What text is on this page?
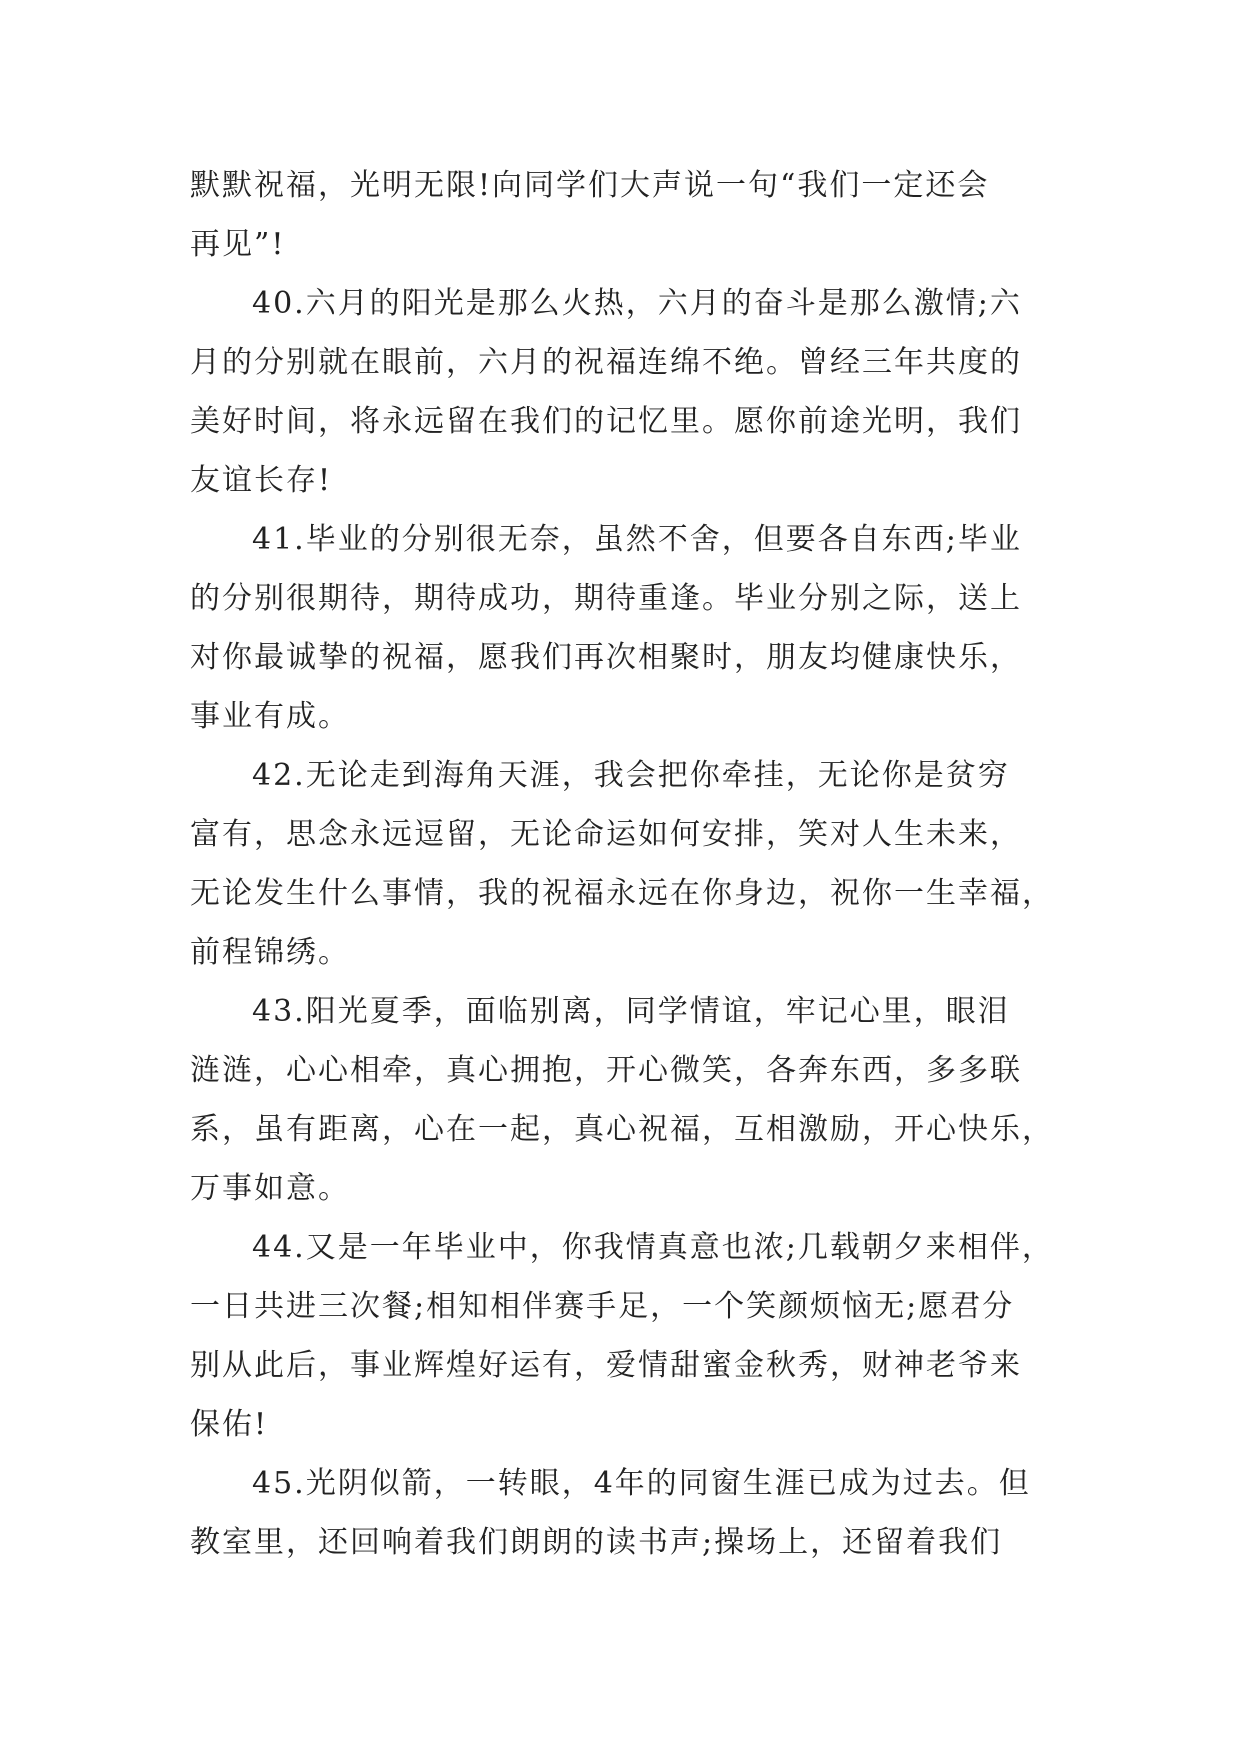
默默祝福，光明无限!向同学们大声说一句“我们一定还会
再见”!
40.六月的阳光是那么火热，六月的奋斗是那么激情;六
月的分别就在眼前，六月的祝福连绵不绝。曾经三年共度的
美好时间，将永远留在我们的记忆里。愿你前途光明，我们
友谊长存!
41.毕业的分别很无奈，虽然不舍，但要各自东西;毕业
的分别很期待，期待成功，期待重逢。毕业分别之际，送上
对你最诚挚的祝福，愿我们再次相聚时，朋友均健康快乐，
事业有成。
42.无论走到海角天涯，我会把你牵挂，无论你是贫穷
富有，思念永远逗留，无论命运如何安排，笑对人生未来，
无论发生什么事情，我的祝福永远在你身边，祝你一生幸福，
前程锦绣。
43.阳光夏季，面临别离，同学情谊，牢记心里，眼泪
涟涟，心心相牵，真心拥抱，开心微笑，各奔东西，多多联
系，虽有距离，心在一起，真心祝福，互相激励，开心快乐，
万事如意。
44.又是一年毕业中，你我情真意也浓;几载朝夕来相伴，
一日共进三次餐;相知相伴赛手足，一个笑颜烦恼无;愿君分
别从此后，事业辉煌好运有，爱情甜蜜金秋秀，财神老爷来
保佑!
45.光阴似箭，一转眼，4年的同窗生涯已成为过去。但
教室里，还回响着我们朗朗的读书声;操场上，还留着我们
